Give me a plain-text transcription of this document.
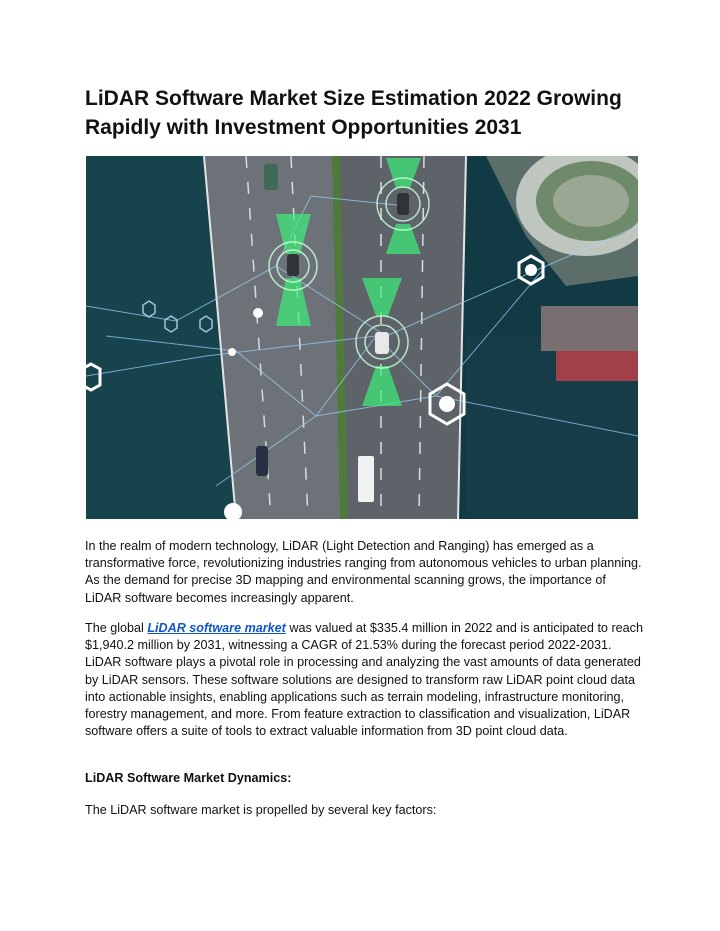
LiDAR Software Market Size Estimation 2022 Growing Rapidly with Investment Opportunities 2031

In the realm of modern technology, LiDAR (Light Detection and Ranging) has emerged as a transformative force, revolutionizing industries ranging from autonomous vehicles to urban planning. As the demand for precise 3D mapping and environmental scanning grows, the importance of LiDAR software becomes increasingly apparent.

The global LiDAR software market was valued at $335.4 million in 2022 and is anticipated to reach $1,940.2 million by 2031, witnessing a CAGR of 21.53% during the forecast period 2022-2031. LiDAR software plays a pivotal role in processing and analyzing the vast amounts of data generated by LiDAR sensors. These software solutions are designed to transform raw LiDAR point cloud data into actionable insights, enabling applications such as terrain modeling, infrastructure monitoring, forestry management, and more. From feature extraction to classification and visualization, LiDAR software offers a suite of tools to extract valuable information from 3D point cloud data.

LiDAR Software Market Dynamics:

The LiDAR software market is propelled by several key factors:
